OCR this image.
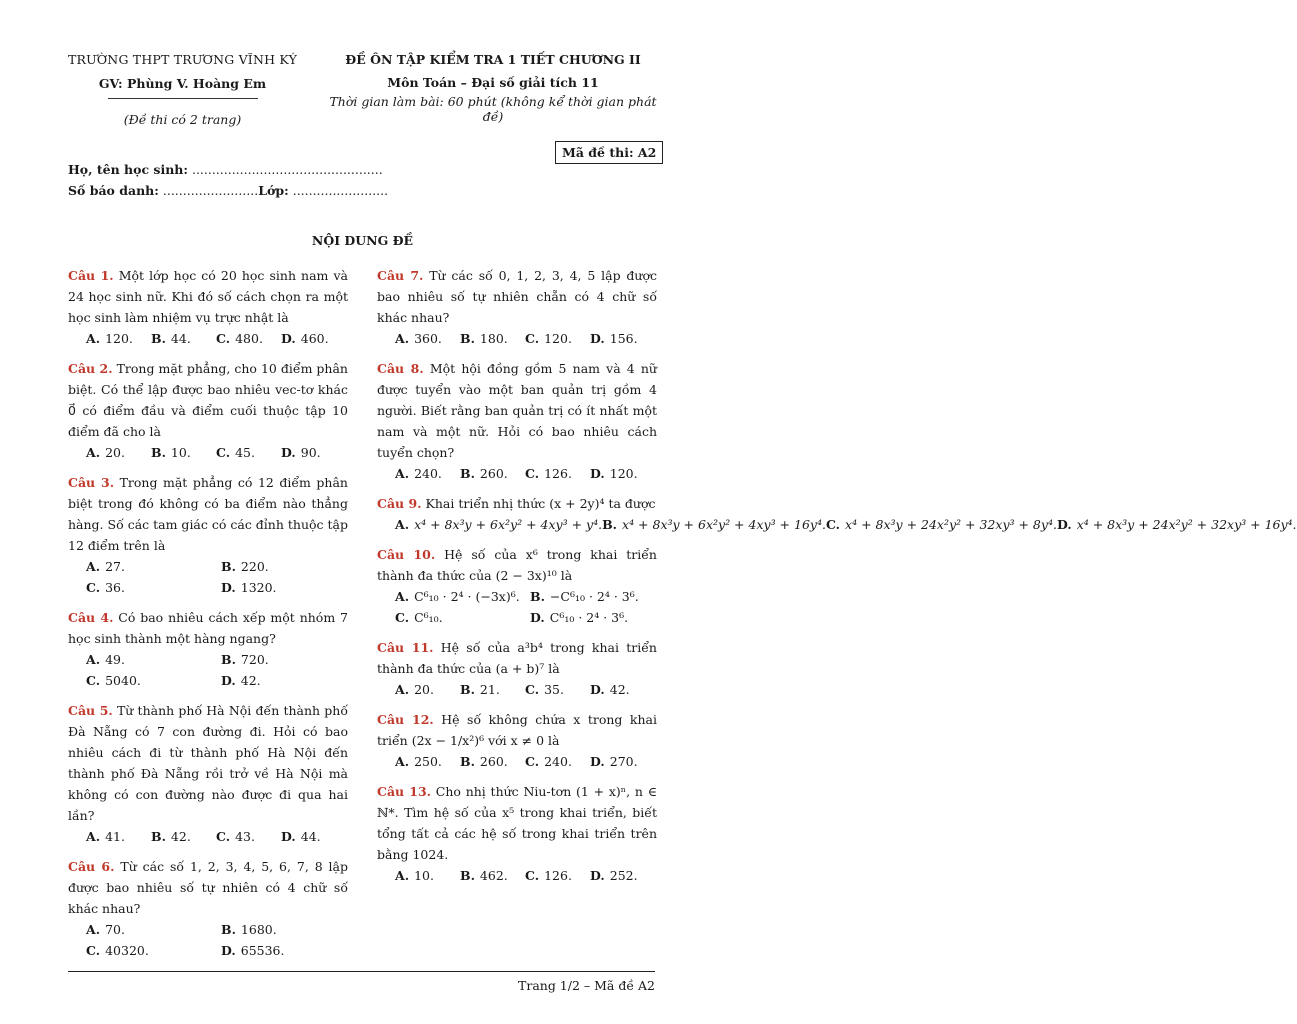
TRƯỜNG THPT TRƯƠNG VĨNH KÝ
GV: Phùng V. Hoàng Em
(Đề thi có 2 trang)
ĐỀ ÔN TẬP KIỂM TRA 1 TIẾT CHƯƠNG II
Môn Toán – Đại số giải tích 11
Thời gian làm bài: 60 phút (không kể thời gian phát đề)
Mã đề thi: A2
Họ, tên học sinh: ................................................
Số báo danh: ........................Lớp: ........................
NỘI DUNG ĐỀ
Câu 1. Một lớp học có 20 học sinh nam và 24 học sinh nữ. Khi đó số cách chọn ra một học sinh làm nhiệm vụ trực nhật là
A. 120.	B. 44.	C. 480.	D. 460.
Câu 2. Trong mặt phẳng, cho 10 điểm phân biệt. Có thể lập được bao nhiêu vec-tơ khác 0⃗ có điểm đầu và điểm cuối thuộc tập 10 điểm đã cho là
A. 20.	B. 10.	C. 45.	D. 90.
Câu 3. Trong mặt phẳng có 12 điểm phân biệt trong đó không có ba điểm nào thẳng hàng. Số các tam giác có các đỉnh thuộc tập 12 điểm trên là
A. 27.	B. 220.
C. 36.	D. 1320.
Câu 4. Có bao nhiêu cách xếp một nhóm 7 học sinh thành một hàng ngang?
A. 49.	B. 720.
C. 5040.	D. 42.
Câu 5. Từ thành phố Hà Nội đến thành phố Đà Nẵng có 7 con đường đi. Hỏi có bao nhiêu cách đi từ thành phố Hà Nội đến thành phố Đà Nẵng rồi trở về Hà Nội mà không có con đường nào được đi qua hai lần?
A. 41.	B. 42.	C. 43.	D. 44.
Câu 6. Từ các số 1, 2, 3, 4, 5, 6, 7, 8 lập được bao nhiêu số tự nhiên có 4 chữ số khác nhau?
A. 70.	B. 1680.
C. 40320.	D. 65536.
Câu 7. Từ các số 0, 1, 2, 3, 4, 5 lập được bao nhiêu số tự nhiên chẵn có 4 chữ số khác nhau?
A. 360.	B. 180.	C. 120.	D. 156.
Câu 8. Một hội đồng gồm 5 nam và 4 nữ được tuyển vào một ban quản trị gồm 4 người. Biết rằng ban quản trị có ít nhất một nam và một nữ. Hỏi có bao nhiêu cách tuyển chọn?
A. 240.	B. 260.	C. 126.	D. 120.
Câu 9. Khai triển nhị thức (x + 2y)⁴ ta được
A. x⁴ + 8x³y + 6x²y² + 4xy³ + y⁴. B. x⁴ + 8x³y + 6x²y² + 4xy³ + 16y⁴. C. x⁴ + 8x³y + 24x²y² + 32xy³ + 8y⁴. D. x⁴ + 8x³y + 24x²y² + 32xy³ + 16y⁴.
Câu 10. Hệ số của x⁶ trong khai triển thành đa thức của (2 − 3x)¹⁰ là
A. C⁶₁₀ · 2⁴ · (−3x)⁶. B. −C⁶₁₀ · 2⁴ · 3⁶.
C. C⁶₁₀.	D. C⁶₁₀ · 2⁴ · 3⁶.
Câu 11. Hệ số của a³b⁴ trong khai triển thành đa thức của (a + b)⁷ là
A. 20.	B. 21.	C. 35.	D. 42.
Câu 12. Hệ số không chứa x trong khai triển (2x − 1/x²)⁶ với x ≠ 0 là
A. 250.	B. 260.	C. 240.	D. 270.
Câu 13. Cho nhị thức Niu-tơn (1 + x)ⁿ, n ∈ ℕ*. Tìm hệ số của x⁵ trong khai triển, biết tổng tất cả các hệ số trong khai triển trên bằng 1024.
A. 10.	B. 462.	C. 126.	D. 252.
Trang 1/2 – Mã đề A2
